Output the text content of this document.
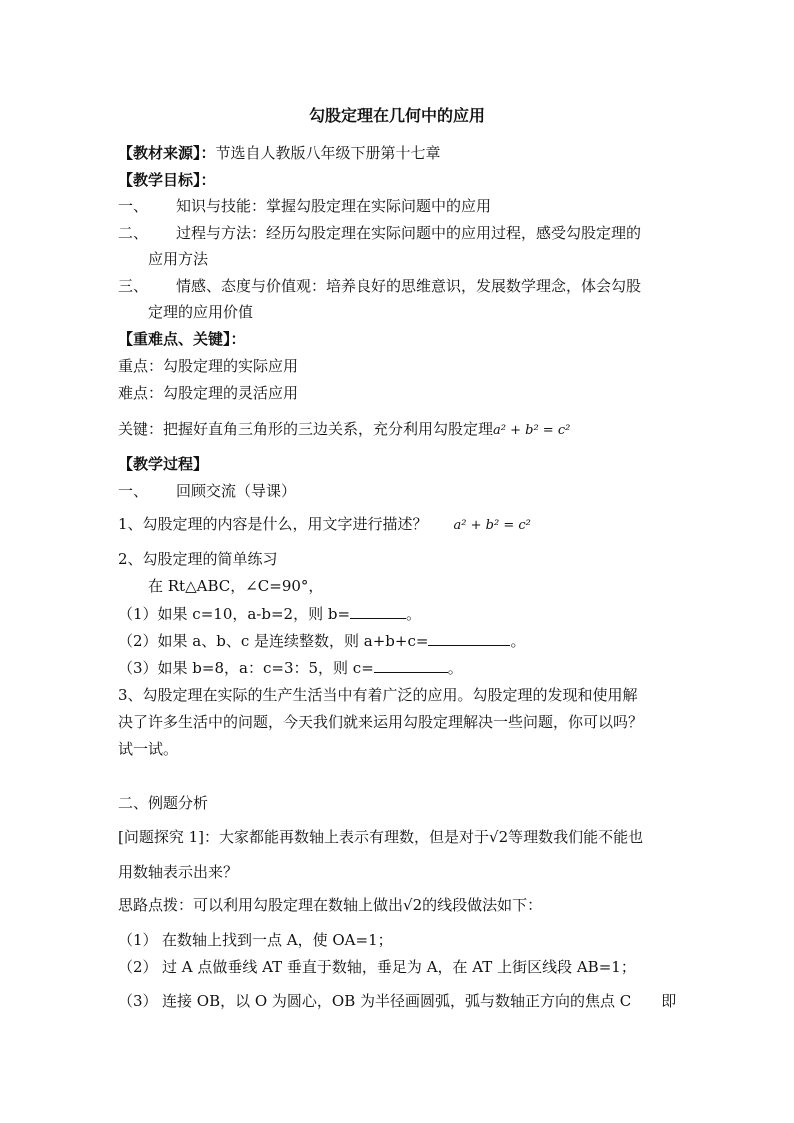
勾股定理在几何中的应用
【教材来源】：节选自人教版八年级下册第十七章
【教学目标】：
一、 知识与技能：掌握勾股定理在实际问题中的应用
二、 过程与方法：经历勾股定理在实际问题中的应用过程，感受勾股定理的
应用方法
三、 情感、态度与价值观：培养良好的思维意识，发展数学理念，体会勾股
定理的应用价值
【重难点、关键】：
重点：勾股定理的实际应用
难点：勾股定理的灵活应用
关键：把握好直角三角形的三边关系，充分利用勾股定理a² + b² = c²
【教学过程】
一、 回顾交流（导课）
1、勾股定理的内容是什么，用文字进行描述？ a² + b² = c²
2、勾股定理的简单练习
在 Rt△ABC，∠C=90°，
（1）如果 c=10，a-b=2，则 b=	。
（2）如果 a、b、c 是连续整数，则 a+b+c=	。
（3）如果 b=8，a：c=3：5，则 c=	。
3、勾股定理在实际的生产生活当中有着广泛的应用。勾股定理的发现和使用解
决了许多生活中的问题，今天我们就来运用勾股定理解决一些问题，你可以吗？
试一试。
二、例题分析
[问题探究 1]：大家都能再数轴上表示有理数，但是对于√2等理数我们能不能也
用数轴表示出来？
思路点拨：可以利用勾股定理在数轴上做出√2的线段做法如下：
（1） 在数轴上找到一点 A，使 OA=1；
（2） 过 A 点做垂线 AT 垂直于数轴，垂足为 A，在 AT 上街区线段 AB=1；
（3） 连接 OB，以 O 为圆心，OB 为半径画圆弧，弧与数轴正方向的焦点 C　　即
